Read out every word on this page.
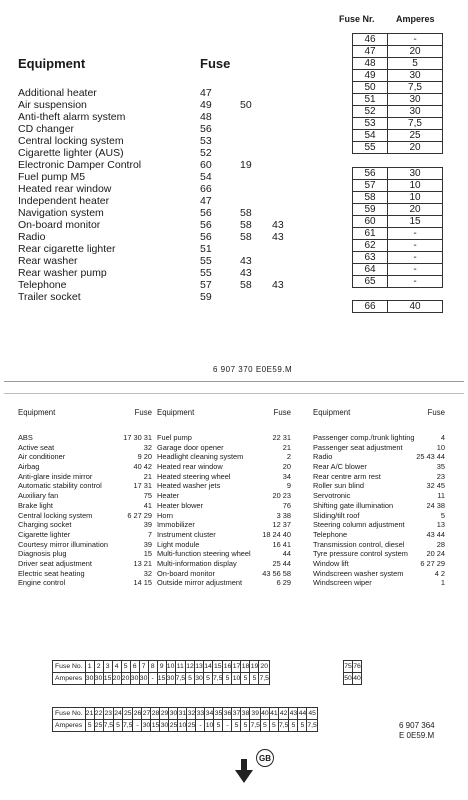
Fuse Nr. Amperes
Equipment	Fuse
Additional heater	47
Air suspension	49	50
Anti-theft alarm system	48
CD changer	56
Central locking system	53
Cigarette lighter (AUS)	52
Electronic Damper Control	60	19
Fuel pump M5	54
Heated rear window	66
Independent heater	47
Navigation system	56	58
On-board monitor	56	58	43
Radio	56	58	43
Rear cigarette lighter	51
Rear washer	55	43
Rear washer pump	55	43
Telephone	57	58	43
Trailer socket	59
46	-
47	20
48	5
49	30
50	7,5
51	30
52	30
53	7,5
54	25
55	20
56	30
57	10
58	10
59	20
60	15
61	-
62	-
63	-
64	-
65	-
66	40
6 907 370 E0E59.M
Equipment	Fuse
ABS	17 30 31
Active seat	32
Air conditioner	9 20
Airbag	40 42
Anti-glare inside mirror	21
Automatic stability control	17 31
Auxiliary fan	75
Brake light	41
Central locking system	6 27 29
Charging socket	39
Cigarette lighter	7
Courtesy mirror illumination	39
Diagnosis plug	15
Driver seat adjustment	13 21
Electric seat heating	32
Engine control	14 15
Equipment	Fuse
Fuel pump	22 31
Garage door opener	21
Headlight cleaning system	2
Heated rear window	20
Heated steering wheel	34
Heated washer jets	9
Heater	20 23
Heater blower	76
Horn	3 38
Immobilizer	12 37
Instrument cluster	18 24 40
Light module	16 41
Multi-function steering wheel	44
Multi-information display	25 44
On-board monitor	43 56 58
Outside mirror adjustment	6 29
Equipment	Fuse
Passenger comp./trunk lighting	4
Passenger seat adjustment	10
Radio	25 43 44
Rear A/C blower	35
Rear centre arm rest	23
Roller sun blind	32 45
Servotronic	11
Shifting gate illumination	24 38
Sliding/tilt roof	5
Steering column adjustment	13
Telephone	43 44
Transmission control, diesel	28
Tyre pressure control system	20 24
Window lift	6 27 29
Windscreen washer system	4 2
Windscreen wiper	1
Fuse No.	1	2	3	4	5	6	7	8	9	10	11	12	13	14	15	16	17	18	19	20
Amperes	30	30	15	20	20	30	30	-	15	30	7,5	5	30	5	7,5	5	10	5	5	7,5
75	76
50	40
Fuse No.	21	22	23	24	25	26	27	28	29	30	31	32	33	34	35	36	37	38	39	40	41	42	43	44	45
Amperes	5	25	7,5	5	7,5	-	30	15	30	25	10	25	-	10	5	-	5	5	7,5	5	5	7,5	5	5	7,5	6 907 364
E 0E59.M
GB
